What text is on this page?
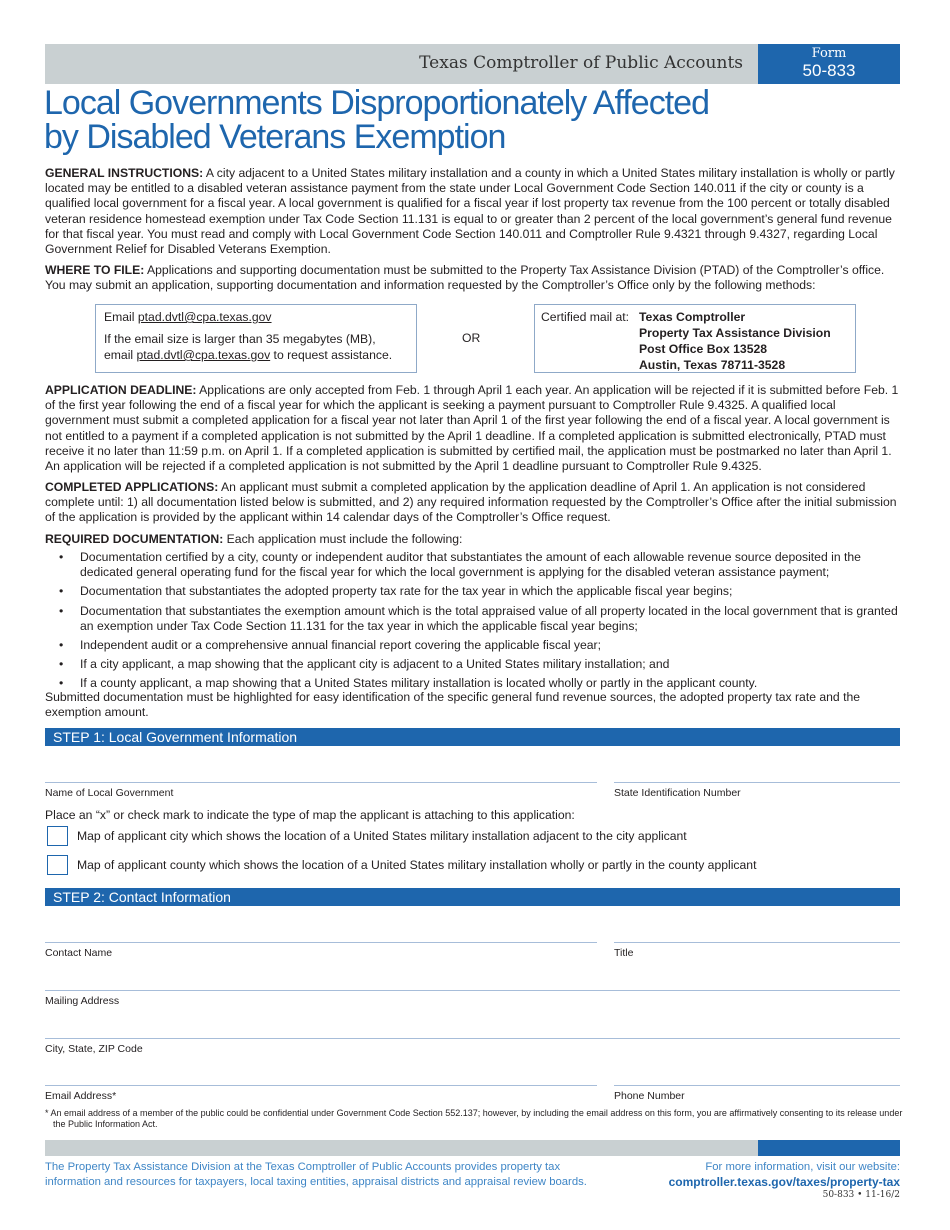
Texas Comptroller of Public Accounts	Form
50-833
Local Governments Disproportionately Affected
by Disabled Veterans Exemption
GENERAL INSTRUCTIONS: A city adjacent to a United States military installation and a county in which a United States military installation is wholly or partly located may be entitled to a disabled veteran assistance payment from the state under Local Government Code Section 140.011 if the city or county is a qualified local government for a fiscal year. A local government is qualified for a fiscal year if lost property tax revenue from the 100 percent or totally disabled veteran residence homestead exemption under Tax Code Section 11.131 is equal to or greater than 2 percent of the local government’s general fund revenue for that fiscal year. You must read and comply with Local Government Code Section 140.011 and Comptroller Rule 9.4321 through 9.4327, regarding Local Government Relief for Disabled Veterans Exemption.
WHERE TO FILE: Applications and supporting documentation must be submitted to the Property Tax Assistance Division (PTAD) of the Comptroller’s office. You may submit an application, supporting documentation and information requested by the Comptroller’s Office only by the following methods:
Email ptad.dvtl@cpa.texas.gov
If the email size is larger than 35 megabytes (MB),
email ptad.dvtl@cpa.texas.gov to request assistance.
OR
Certified mail at: Texas Comptroller
Property Tax Assistance Division
Post Office Box 13528
Austin, Texas 78711-3528
APPLICATION DEADLINE: Applications are only accepted from Feb. 1 through April 1 each year. An application will be rejected if it is submitted before Feb. 1 of the first year following the end of a fiscal year for which the applicant is seeking a payment pursuant to Comptroller Rule 9.4325. A qualified local government must submit a completed application for a fiscal year not later than April 1 of the first year following the end of a fiscal year. A local government is not entitled to a payment if a completed application is not submitted by the April 1 deadline. If a completed application is submitted electronically, PTAD must receive it no later than 11:59 p.m. on April 1. If a completed application is submitted by certified mail, the application must be postmarked no later than April 1. An application will be rejected if a completed application is not submitted by the April 1 deadline pursuant to Comptroller Rule 9.4325.
COMPLETED APPLICATIONS: An applicant must submit a completed application by the application deadline of April 1. An application is not considered complete until: 1) all documentation listed below is submitted, and 2) any required information requested by the Comptroller’s Office after the initial submission of the application is provided by the applicant within 14 calendar days of the Comptroller’s Office request.
REQUIRED DOCUMENTATION: Each application must include the following:
• Documentation certified by a city, county or independent auditor that substantiates the amount of each allowable revenue source deposited in the dedicated general operating fund for the fiscal year for which the local government is applying for the disabled veteran assistance payment;
• Documentation that substantiates the adopted property tax rate for the tax year in which the applicable fiscal year begins;
• Documentation that substantiates the exemption amount which is the total appraised value of all property located in the local government that is granted an exemption under Tax Code Section 11.131 for the tax year in which the applicable fiscal year begins;
• Independent audit or a comprehensive annual financial report covering the applicable fiscal year;
• If a city applicant, a map showing that the applicant city is adjacent to a United States military installation; and
• If a county applicant, a map showing that a United States military installation is located wholly or partly in the applicant county.
Submitted documentation must be highlighted for easy identification of the specific general fund revenue sources, the adopted property tax rate and the exemption amount.
STEP 1: Local Government Information
Name of Local Government	State Identification Number
Place an “x” or check mark to indicate the type of map the applicant is attaching to this application:
Map of applicant city which shows the location of a United States military installation adjacent to the city applicant
Map of applicant county which shows the location of a United States military installation wholly or partly in the county applicant
STEP 2: Contact Information
Contact Name	Title
Mailing Address
City, State, ZIP Code
Email Address*	Phone Number
* An email address of a member of the public could be confidential under Government Code Section 552.137; however, by including the email address on this form, you are affirmatively consenting to its release under the Public Information Act.
The Property Tax Assistance Division at the Texas Comptroller of Public Accounts provides property tax information and resources for taxpayers, local taxing entities, appraisal districts and appraisal review boards.
For more information, visit our website:
comptroller.texas.gov/taxes/property-tax
50-833 • 11-16/2
